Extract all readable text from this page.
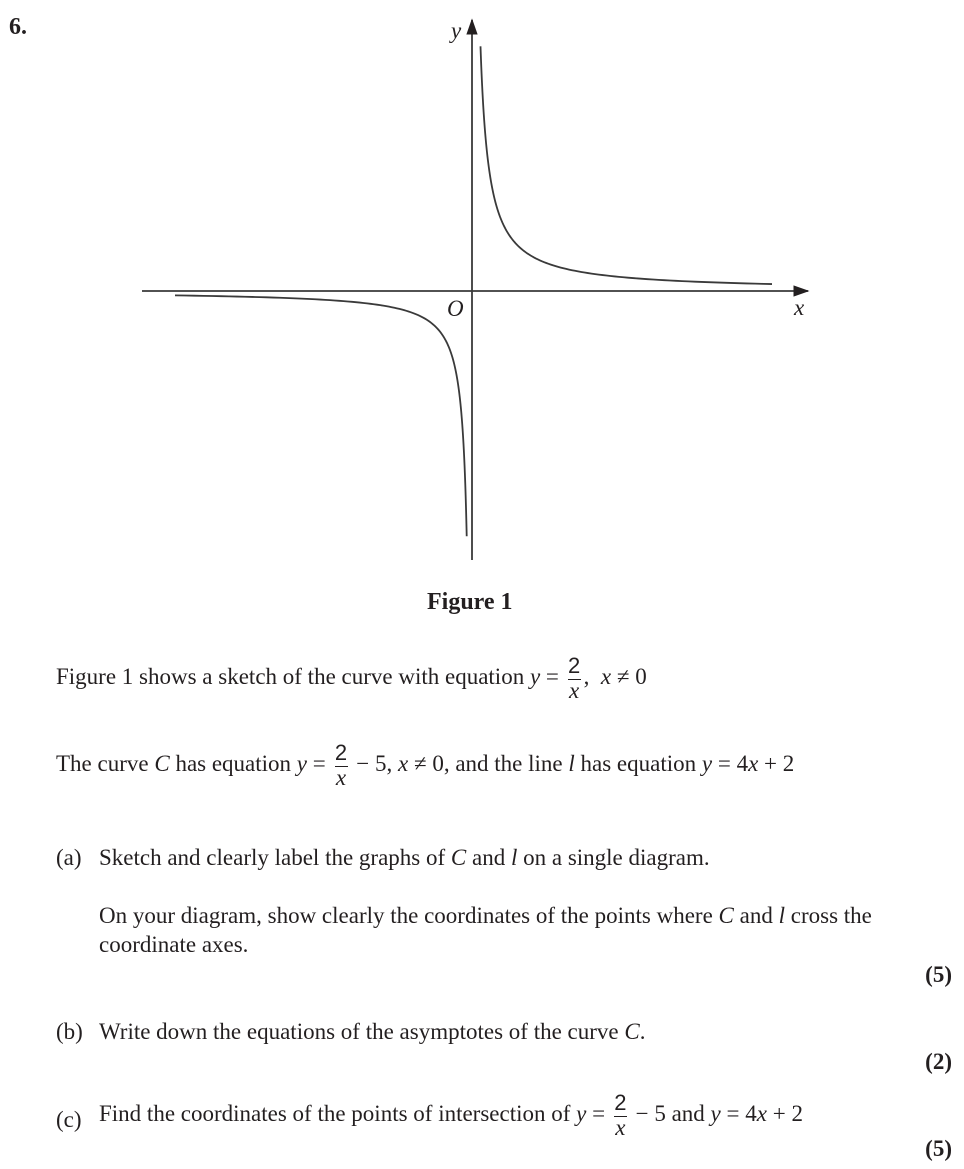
6.	y
x
O
Figure 1
Figure 1 shows a sketch of the curve with equation $y = \frac{2}{x}$ , x ≠ 0
The curve C has equation $y = \frac{2}{x} - 5$, x ≠ 0, and the line l has equation y = 4x + 2
(a) Sketch and clearly label the graphs of C and l on a single diagram.
On your diagram, show clearly the coordinates of the points where C and l cross the
coordinate axes.
(5)
(b) Write down the equations of the asymptotes of the curve C.
(2)
(c) Find the coordinates of the points of intersection of $y = \frac{2}{x} - 5$ and y = 4x + 2
(5)
